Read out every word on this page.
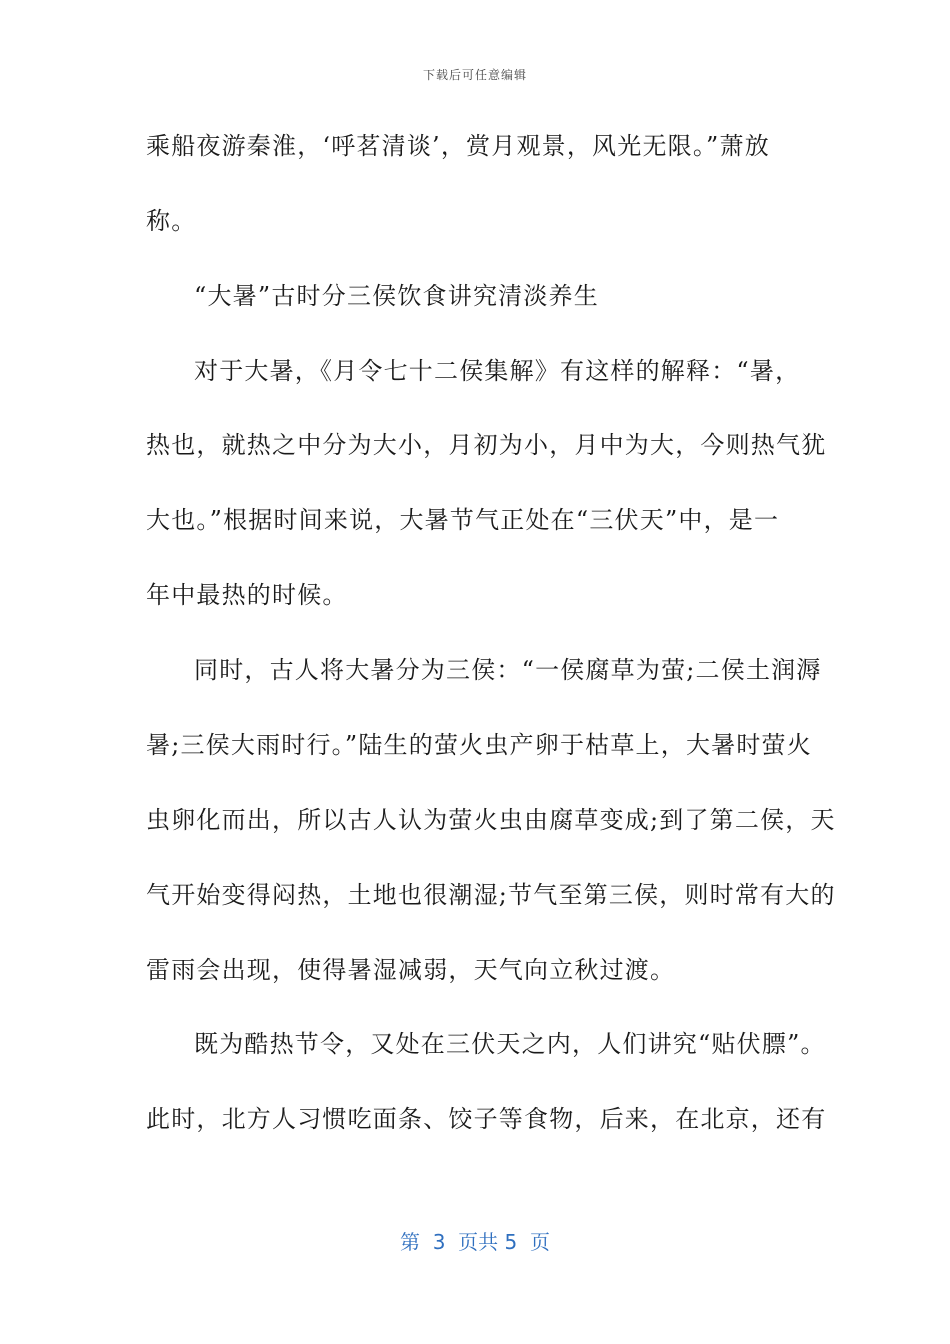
下载后可任意编辑
乘船夜游秦淮，‘呼茗清谈’，赏月观景，风光无限。”萧放
称。
“大暑”古时分三侯饮食讲究清淡养生
对于大暑，《月令七十二侯集解》有这样的解释：“暑，
热也，就热之中分为大小，月初为小，月中为大，今则热气犹
大也。”根据时间来说，大暑节气正处在“三伏天”中，是一
年中最热的时候。
同时，古人将大暑分为三侯：“一侯腐草为萤;二侯土润溽
暑;三侯大雨时行。”陆生的萤火虫产卵于枯草上，大暑时萤火
虫卵化而出，所以古人认为萤火虫由腐草变成;到了第二侯，天
气开始变得闷热，土地也很潮湿;节气至第三侯，则时常有大的
雷雨会出现，使得暑湿减弱，天气向立秋过渡。
既为酷热节令，又处在三伏天之内，人们讲究“贴伏膘”。
此时，北方人习惯吃面条、饺子等食物，后来，在北京，还有
第  3  页共 5  页
